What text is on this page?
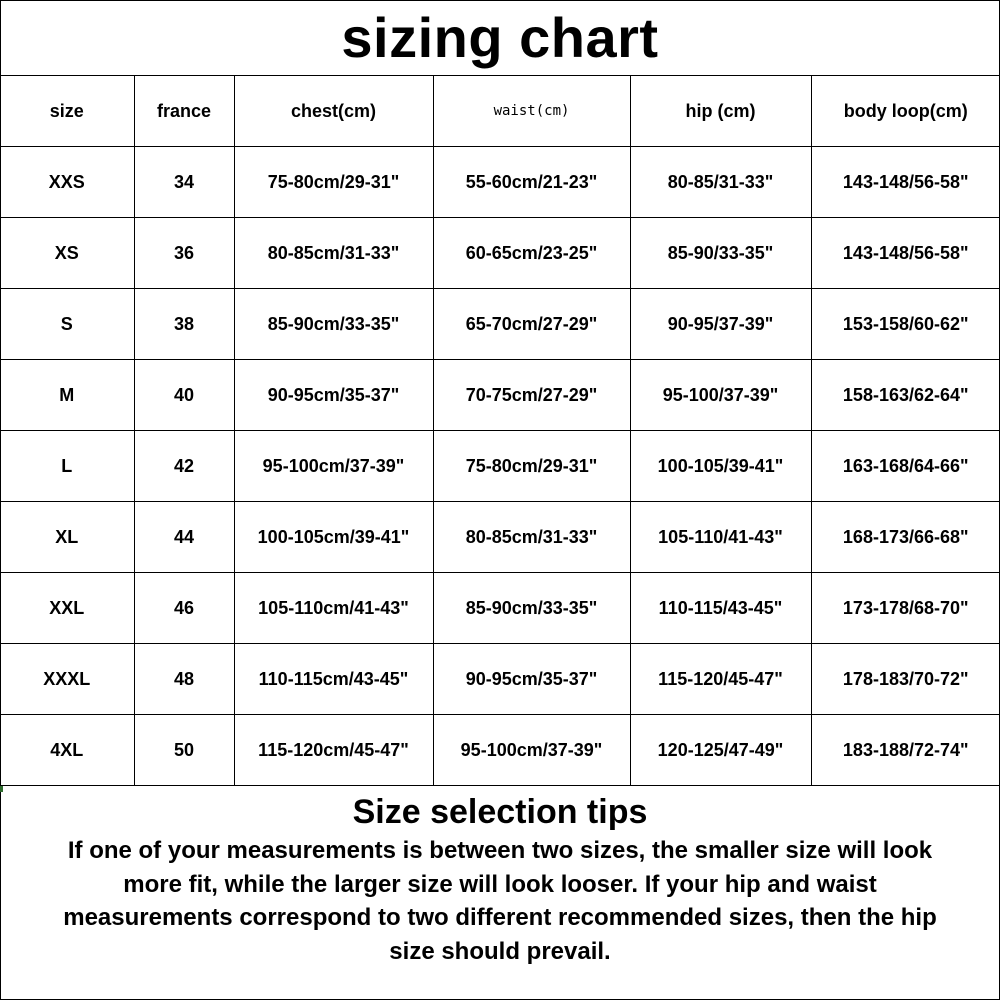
sizing chart
size	france	chest(cm)	waist(cm)	hip (cm)	body loop(cm)
XXS	34	75-80cm/29-31"	55-60cm/21-23"	80-85/31-33"	143-148/56-58"
XS	36	80-85cm/31-33"	60-65cm/23-25"	85-90/33-35"	143-148/56-58"
S	38	85-90cm/33-35"	65-70cm/27-29"	90-95/37-39"	153-158/60-62"
M	40	90-95cm/35-37"	70-75cm/27-29"	95-100/37-39"	158-163/62-64"
L	42	95-100cm/37-39"	75-80cm/29-31"	100-105/39-41"	163-168/64-66"
XL	44	100-105cm/39-41"	80-85cm/31-33"	105-110/41-43"	168-173/66-68"
XXL	46	105-110cm/41-43"	85-90cm/33-35"	110-115/43-45"	173-178/68-70"
XXXL	48	110-115cm/43-45"	90-95cm/35-37"	115-120/45-47"	178-183/70-72"
4XL	50	115-120cm/45-47"	95-100cm/37-39"	120-125/47-49"	183-188/72-74"
Size selection tips
If one of your measurements is between two sizes, the smaller size will look
more fit, while the larger size will look looser. If your hip and waist
measurements correspond to two different recommended sizes, then the hip
size should prevail.
